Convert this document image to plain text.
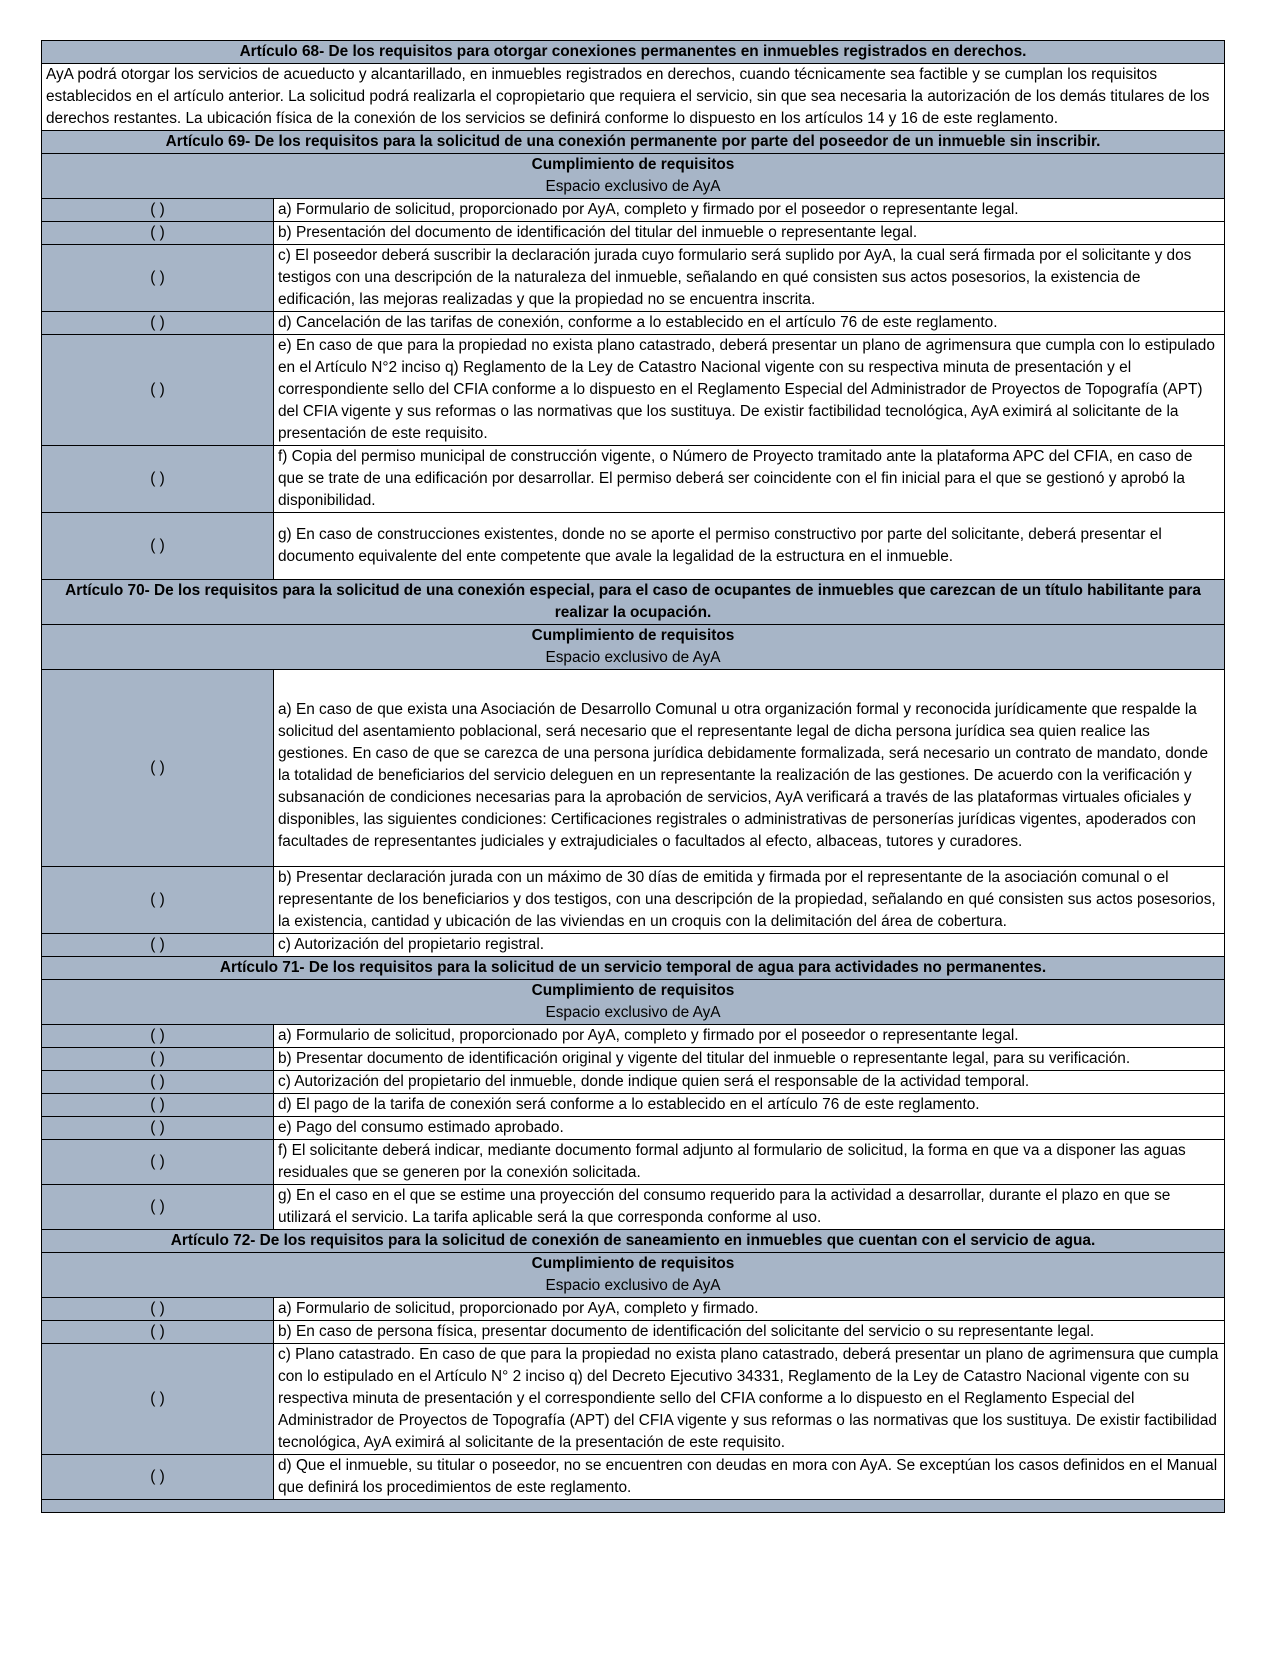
Artículo 68- De los requisitos para otorgar conexiones permanentes en inmuebles registrados en derechos.	
AyA podrá otorgar los servicios de acueducto y alcantarillado, en inmuebles registrados en derechos, cuando técnicamente sea factible y se cumplan los requisitos establecidos en el artículo anterior. La solicitud podrá realizarla el copropietario que requiera el servicio, sin que sea necesaria la autorización de los demás titulares de los derechos restantes. La ubicación física de la conexión de los servicios se definirá conforme lo dispuesto en los artículos 14 y 16 de este reglamento.	
Artículo 69- De los requisitos para la solicitud de una conexión permanente por parte del poseedor de un inmueble sin inscribir.	
Cumplimiento de requisitos
Espacio exclusivo de AyA	
( )	a) Formulario de solicitud, proporcionado por AyA, completo y firmado por el poseedor o representante legal.
( )	b) Presentación del documento de identificación del titular del inmueble o representante legal.
( )	c) El poseedor deberá suscribir la declaración jurada cuyo formulario será suplido por AyA, la cual será firmada por el solicitante y dos testigos con una descripción de la naturaleza del inmueble, señalando en qué consisten sus actos posesorios, la existencia de edificación, las mejoras realizadas y que la propiedad no se encuentra inscrita.
( )	d) Cancelación de las tarifas de conexión, conforme a lo establecido en el artículo 76 de este reglamento.
( )	e) En caso de que para la propiedad no exista plano catastrado, deberá presentar un plano de agrimensura que cumpla con lo estipulado en el Artículo N°2 inciso q) Reglamento de la Ley de Catastro Nacional vigente con su respectiva minuta de presentación y el correspondiente sello del CFIA conforme a lo dispuesto en el Reglamento Especial del Administrador de Proyectos de Topografía (APT) del CFIA vigente y sus reformas o las normativas que los sustituya. De existir factibilidad tecnológica, AyA eximirá al solicitante de la presentación de este requisito.
( )	f) Copia del permiso municipal de construcción vigente, o Número de Proyecto tramitado ante la plataforma APC del CFIA, en caso de que se trate de una edificación por desarrollar. El permiso deberá ser coincidente con el fin inicial para el que se gestionó y aprobó la disponibilidad.
( )	g) En caso de construcciones existentes, donde no se aporte el permiso constructivo por parte del solicitante, deberá presentar el documento equivalente del ente competente que avale la legalidad de la estructura en el inmueble.
Artículo 70- De los requisitos para la solicitud de una conexión especial, para el caso de ocupantes de inmuebles que carezcan de un título habilitante para realizar la ocupación.	
Cumplimiento de requisitos
Espacio exclusivo de AyA	
( )	a) En caso de que exista una Asociación de Desarrollo Comunal u otra organización formal y reconocida jurídicamente que respalde la solicitud del asentamiento poblacional, será necesario que el representante legal de dicha persona jurídica sea quien realice las gestiones. En caso de que se carezca de una persona jurídica debidamente formalizada, será necesario un contrato de mandato, donde la totalidad de beneficiarios del servicio deleguen en un representante la realización de las gestiones. De acuerdo con la verificación y subsanación de condiciones necesarias para la aprobación de servicios, AyA verificará a través de las plataformas virtuales oficiales y disponibles, las siguientes condiciones: Certificaciones registrales o administrativas de personerías jurídicas vigentes, apoderados con facultades de representantes judiciales y extrajudiciales o facultados al efecto, albaceas, tutores y curadores.
( )	b) Presentar declaración jurada con un máximo de 30 días de emitida y firmada por el representante de la asociación comunal o el representante de los beneficiarios y dos testigos, con una descripción de la propiedad, señalando en qué consisten sus actos posesorios, la existencia, cantidad y ubicación de las viviendas en un croquis con la delimitación del área de cobertura.
( )	c) Autorización del propietario registral.
Artículo 71- De los requisitos para la solicitud de un servicio temporal de agua para actividades no permanentes.	
Cumplimiento de requisitos
Espacio exclusivo de AyA	
( )	a) Formulario de solicitud, proporcionado por AyA, completo y firmado por el poseedor o representante legal.
( )	b) Presentar documento de identificación original y vigente del titular del inmueble o representante legal, para su verificación.
( )	c) Autorización del propietario del inmueble, donde indique quien será el responsable de la actividad temporal.
( )	d) El pago de la tarifa de conexión será conforme a lo establecido en el artículo 76 de este reglamento.
( )	e) Pago del consumo estimado aprobado.
( )	f) El solicitante deberá indicar, mediante documento formal adjunto al formulario de solicitud, la forma en que va a disponer las aguas residuales que se generen por la conexión solicitada.
( )	g) En el caso en el que se estime una proyección del consumo requerido para la actividad a desarrollar, durante el plazo en que se utilizará el servicio. La tarifa aplicable será la que corresponda conforme al uso.
Artículo 72- De los requisitos para la solicitud de conexión de saneamiento en inmuebles que cuentan con el servicio de agua.	
Cumplimiento de requisitos
Espacio exclusivo de AyA	
( )	a) Formulario de solicitud, proporcionado por AyA, completo y firmado.
( )	b) En caso de persona física, presentar documento de identificación del solicitante del servicio o su representante legal.
( )	c) Plano catastrado. En caso de que para la propiedad no exista plano catastrado, deberá presentar un plano de agrimensura que cumpla con lo estipulado en el Artículo N° 2 inciso q) del Decreto Ejecutivo 34331, Reglamento de la Ley de Catastro Nacional vigente con su respectiva minuta de presentación y el correspondiente sello del CFIA conforme a lo dispuesto en el Reglamento Especial del Administrador de Proyectos de Topografía (APT) del CFIA vigente y sus reformas o las normativas que los sustituya. De existir factibilidad tecnológica, AyA eximirá al solicitante de la presentación de este requisito.
( )	d) Que el inmueble, su titular o poseedor, no se encuentren con deudas en mora con AyA. Se exceptúan los casos definidos en el Manual que definirá los procedimientos de este reglamento.
